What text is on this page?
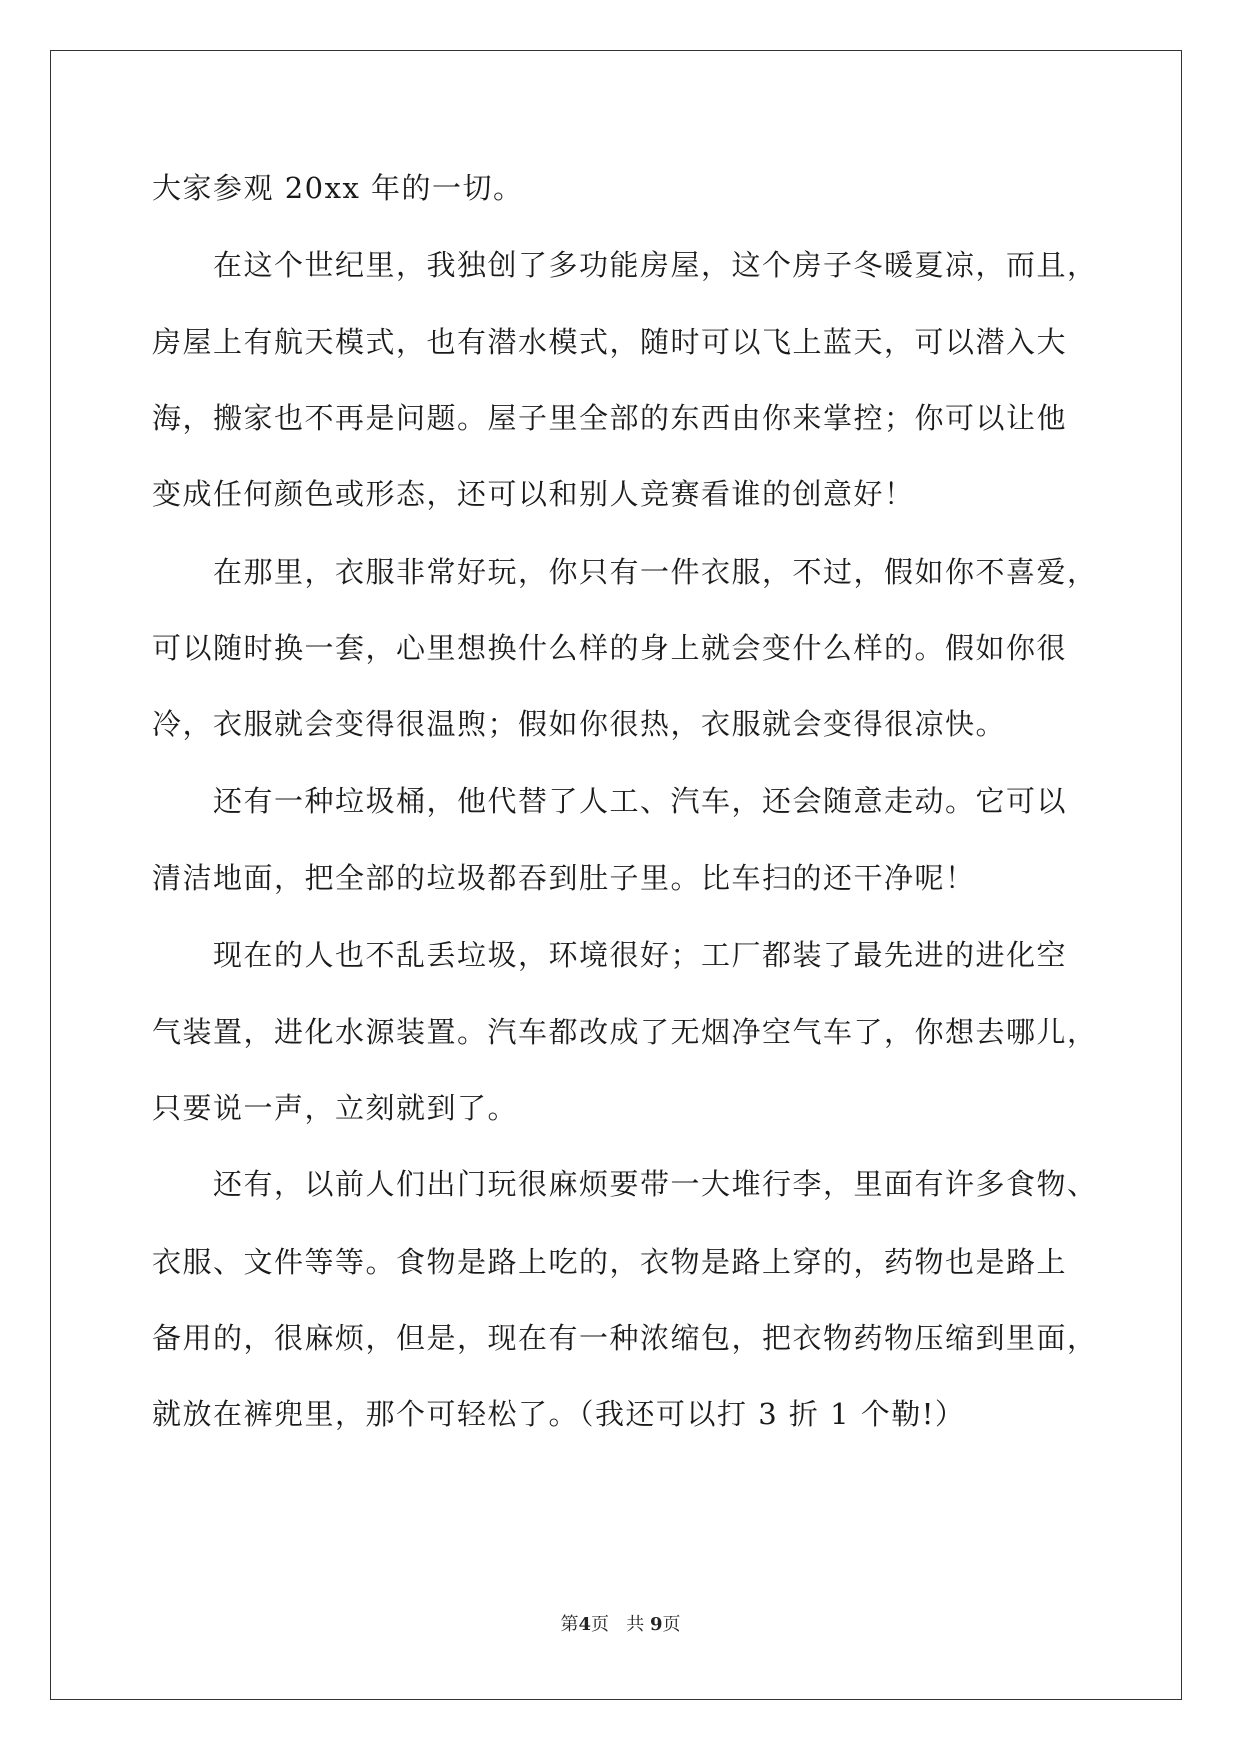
大家参观 20xx 年的一切。
　　在这个世纪里，我独创了多功能房屋，这个房子冬暖夏凉，而且，
房屋上有航天模式，也有潜水模式，随时可以飞上蓝天，可以潜入大
海，搬家也不再是问题。屋子里全部的东西由你来掌控；你可以让他
变成任何颜色或形态，还可以和别人竞赛看谁的创意好！
　　在那里，衣服非常好玩，你只有一件衣服，不过，假如你不喜爱，
可以随时换一套，心里想换什么样的身上就会变什么样的。假如你很
冷，衣服就会变得很温煦；假如你很热，衣服就会变得很凉快。
　　还有一种垃圾桶，他代替了人工、汽车，还会随意走动。它可以
清洁地面，把全部的垃圾都吞到肚子里。比车扫的还干净呢！
　　现在的人也不乱丢垃圾，环境很好；工厂都装了最先进的进化空
气装置，进化水源装置。汽车都改成了无烟净空气车了，你想去哪儿，
只要说一声，立刻就到了。
　　还有，以前人们出门玩很麻烦要带一大堆行李，里面有许多食物、
衣服、文件等等。食物是路上吃的，衣物是路上穿的，药物也是路上
备用的，很麻烦，但是，现在有一种浓缩包，把衣物药物压缩到里面，
就放在裤兜里，那个可轻松了。（我还可以打 3 折 1 个勒!）
第4页 共 9页
